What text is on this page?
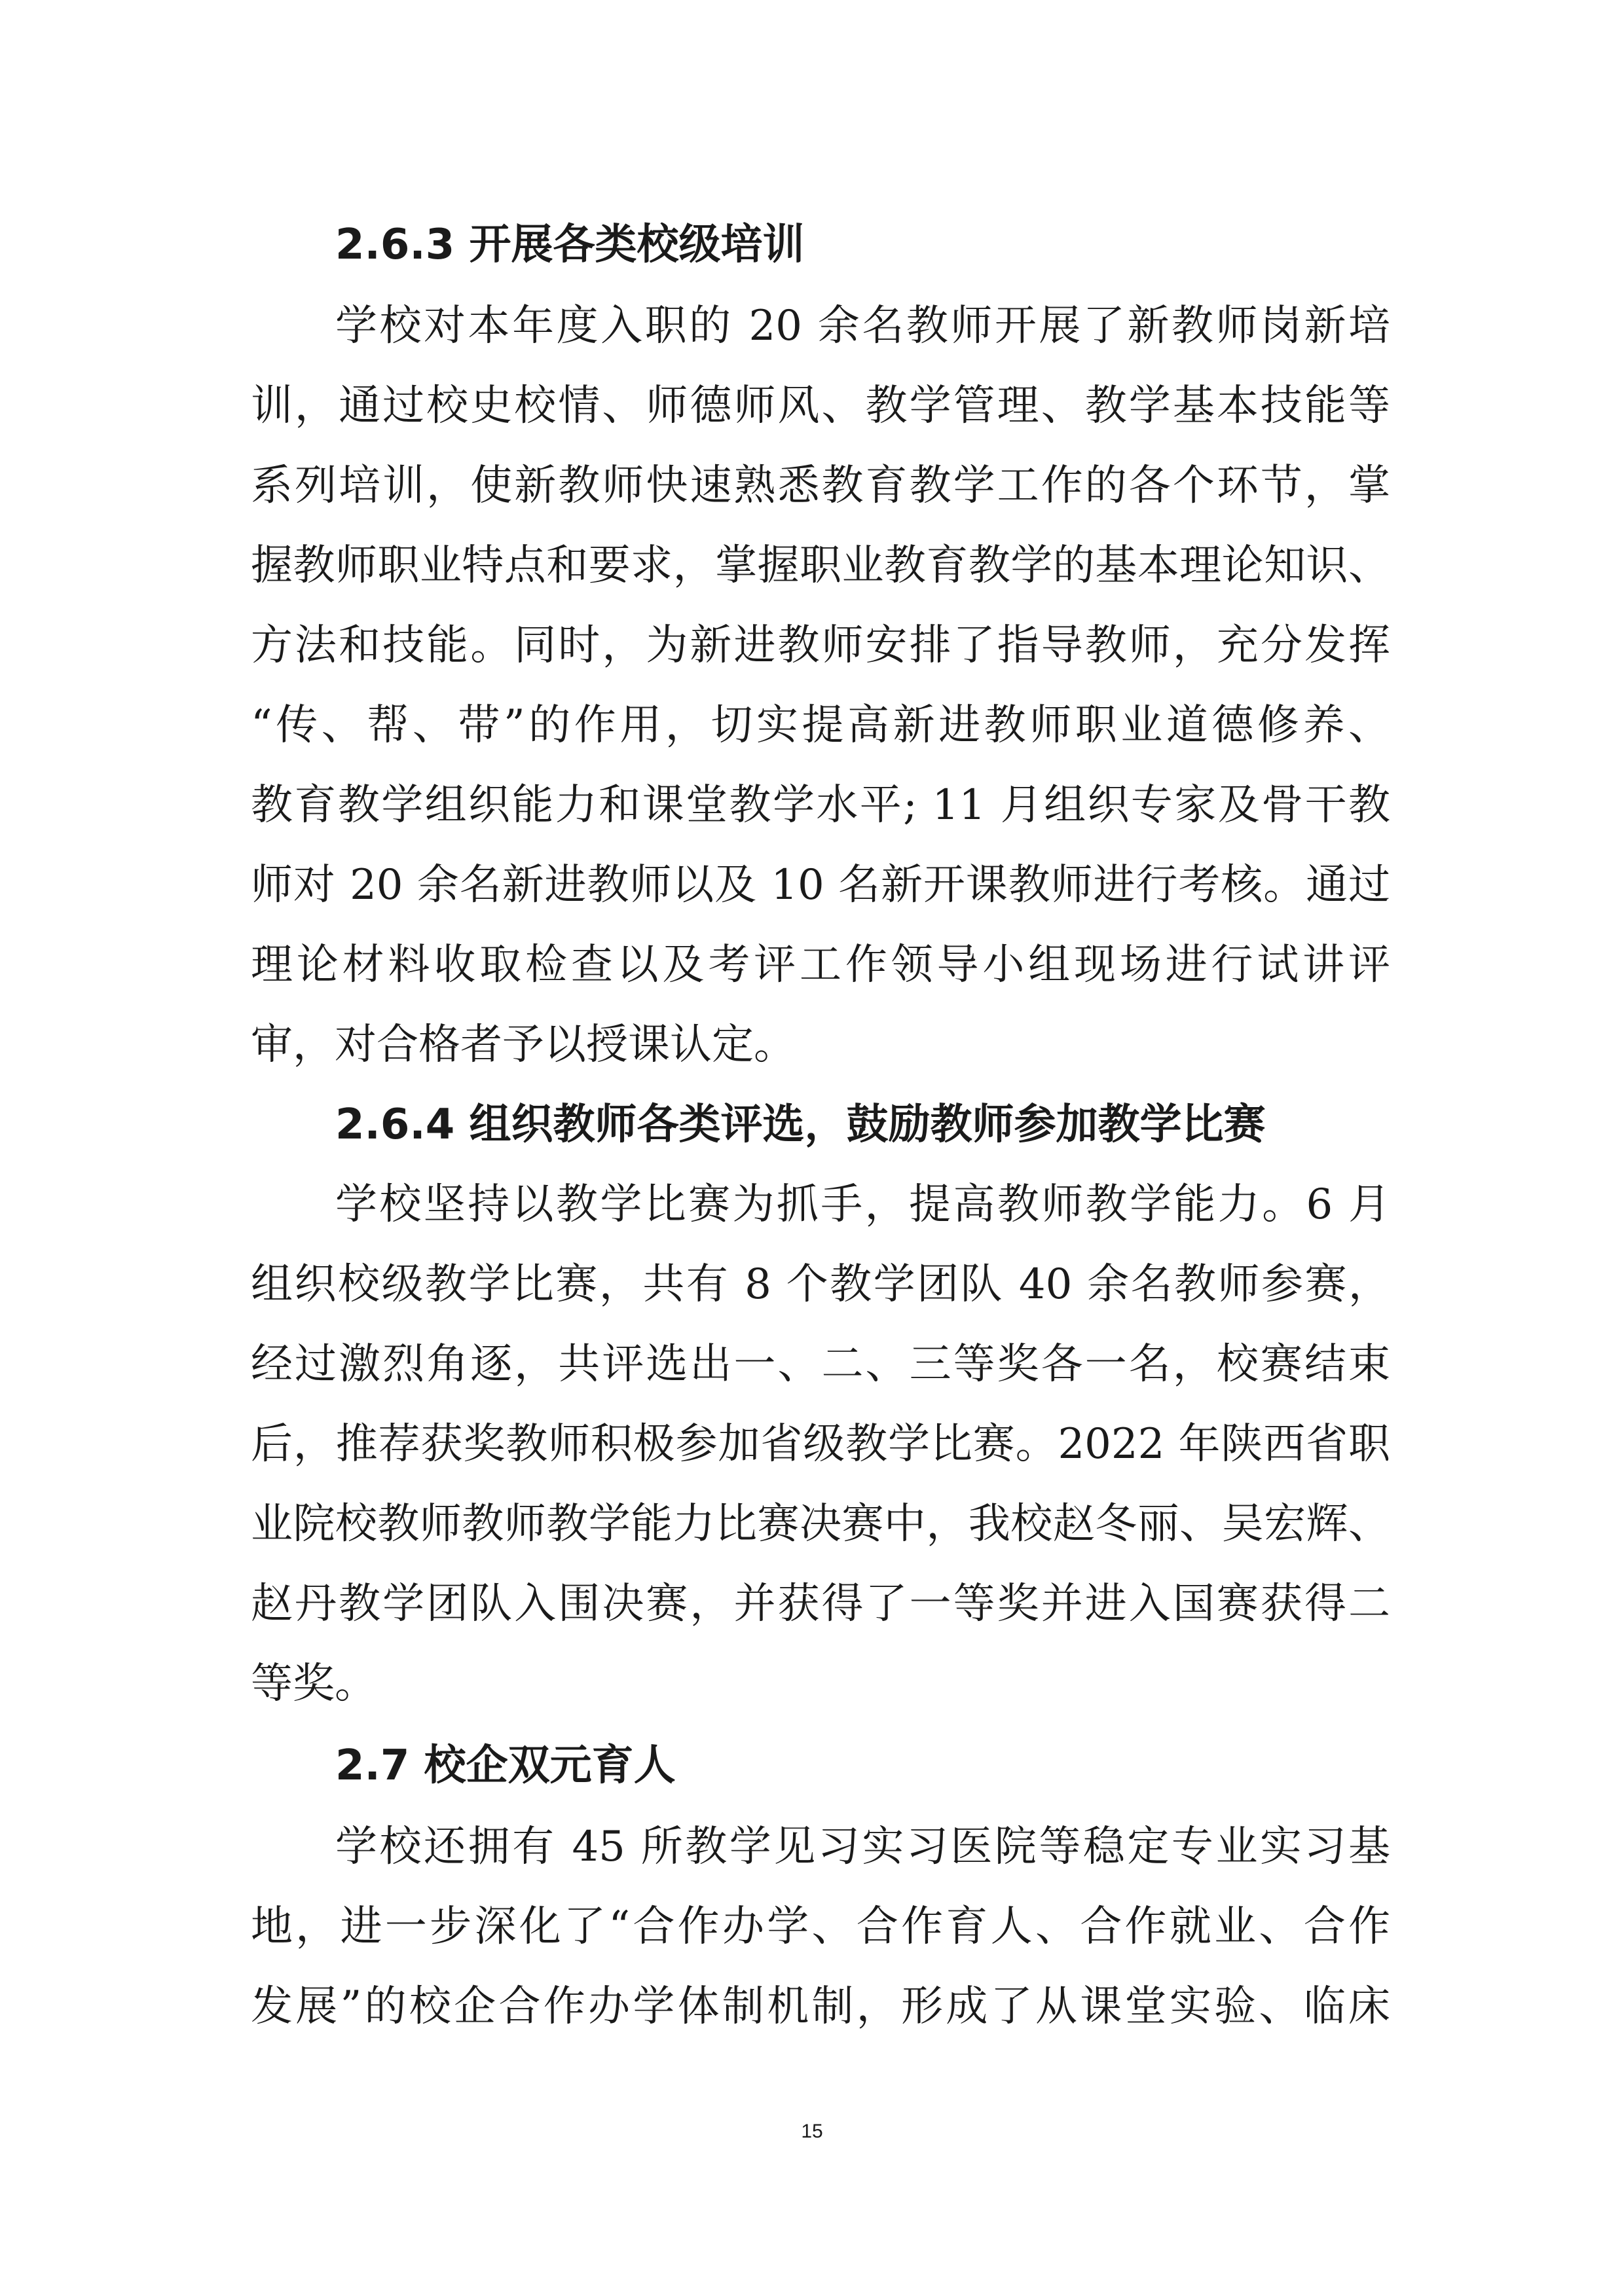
2.6.3 开展各类校级培训
学校对本年度入职的 20 余名教师开展了新教师岗新培
训，通过校史校情、师德师风、教学管理、教学基本技能等
系列培训，使新教师快速熟悉教育教学工作的各个环节，掌
握教师职业特点和要求，掌握职业教育教学的基本理论知识、
方法和技能。同时，为新进教师安排了指导教师，充分发挥
“传、帮、带”的作用，切实提高新进教师职业道德修养、
教育教学组织能力和课堂教学水平; 11 月组织专家及骨干教
师对 20 余名新进教师以及 10 名新开课教师进行考核。通过
理论材料收取检查以及考评工作领导小组现场进行试讲评
审，对合格者予以授课认定。
2.6.4 组织教师各类评选，鼓励教师参加教学比赛
学校坚持以教学比赛为抓手，提高教师教学能力。6 月
组织校级教学比赛，共有 8 个教学团队 40 余名教师参赛，
经过激烈角逐，共评选出一、二、三等奖各一名，校赛结束
后，推荐获奖教师积极参加省级教学比赛。2022 年陕西省职
业院校教师教师教学能力比赛决赛中，我校赵冬丽、吴宏辉、
赵丹教学团队入围决赛，并获得了一等奖并进入国赛获得二
等奖。
2.7 校企双元育人
学校还拥有 45 所教学见习实习医院等稳定专业实习基
地，进一步深化了“合作办学、合作育人、合作就业、合作
发展”的校企合作办学体制机制，形成了从课堂实验、临床
15
